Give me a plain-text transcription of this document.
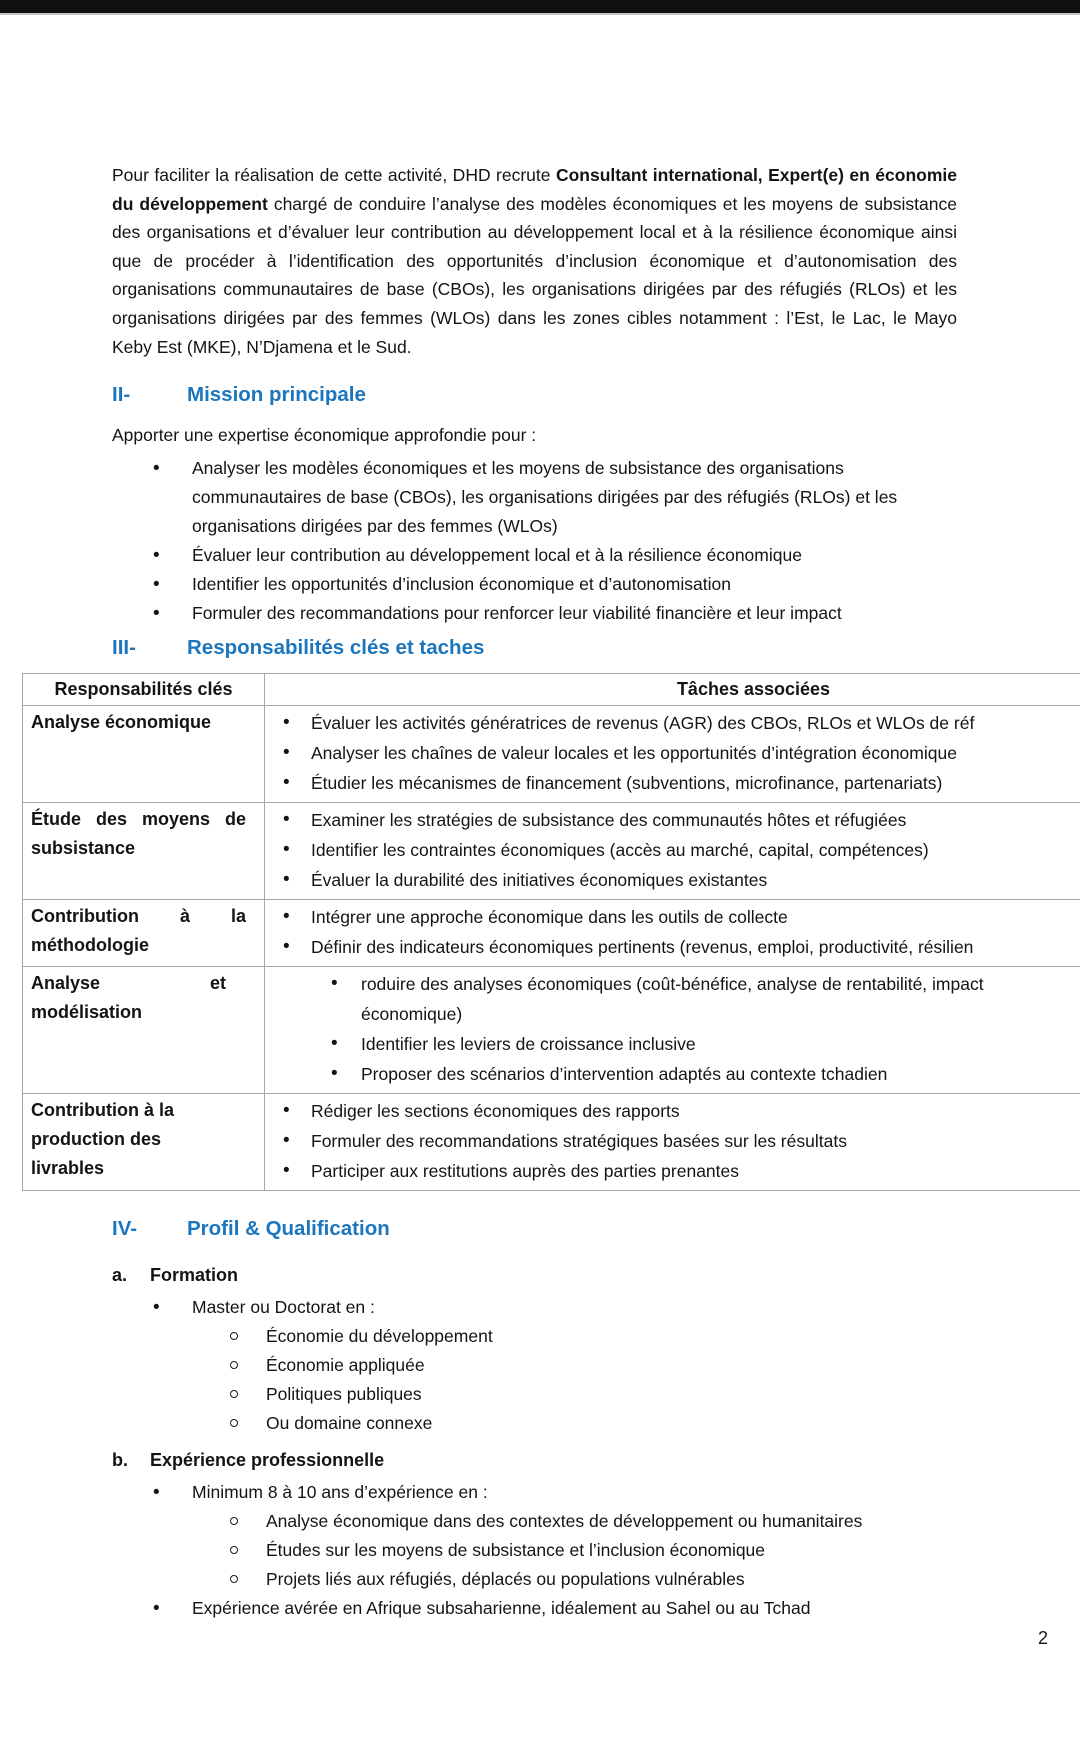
Pour faciliter la réalisation de cette activité, DHD recrute Consultant international, Expert(e) en économie du développement chargé de conduire l’analyse des modèles économiques et les moyens de subsistance des organisations et d’évaluer leur contribution au développement local et à la résilience économique ainsi que de procéder à l’identification des opportunités d’inclusion économique et d’autonomisation des organisations communautaires de base (CBOs), les organisations dirigées par des réfugiés (RLOs) et les organisations dirigées par des femmes (WLOs) dans les zones cibles notamment : l’Est, le Lac, le Mayo Keby Est (MKE), N’Djamena et le Sud.

II-	Mission principale
Apporter une expertise économique approfondie pour :
• Analyser les modèles économiques et les moyens de subsistance des organisations communautaires de base (CBOs), les organisations dirigées par des réfugiés (RLOs) et les organisations dirigées par des femmes (WLOs)
• Évaluer leur contribution au développement local et à la résilience économique
• Identifier les opportunités d’inclusion économique et d’autonomisation
• Formuler des recommandations pour renforcer leur viabilité financière et leur impact
III-	Responsabilités clés et taches
Responsabilités clés	Tâches associées

Analyse économique

•Évaluer les activités génératrices de revenus (AGR) des CBOs, RLOs et WLOs de réf
• Analyser les chaînes de valeur locales et les opportunités d’intégration économique
• Étudier les mécanismes de financement (subventions, microfinance, partenariats)

Étude des moyens de subsistance

• Examiner les stratégies de subsistance des communautés hôtes et réfugiées
• Identifier les contraintes économiques (accès au marché, capital, compétences)
• Évaluer la durabilité des initiatives économiques existantes

Contribution à la méthodologie

• Intégrer une approche économique dans les outils de collecte
• Définir des indicateurs économiques pertinents (revenus, emploi, productivité, résilien

Analyse et modélisation

• roduire des analyses économiques (coût-bénéfice, analyse de rentabilité, impact économique)
• Identifier les leviers de croissance inclusive
• Proposer des scénarios d’intervention adaptés au contexte tchadien

Contribution à la production des livrables

• Rédiger les sections économiques des rapports
• Formuler des recommandations stratégiques basées sur les résultats
• Participer aux restitutions auprès des parties prenantes
IV-	Profil & Qualification
a.	Formation
• Master ou Doctorat en :
Économie du développement
Économie appliquée
Politiques publiques
Ou domaine connexe
b.	Expérience professionnelle
• Minimum 8 à 10 ans d’expérience en :
Analyse économique dans des contextes de développement ou humanitaires
Études sur les moyens de subsistance et l’inclusion économique
Projets liés aux réfugiés, déplacés ou populations vulnérables
• Expérience avérée en Afrique subsaharienne, idéalement au Sahel ou au Tchad
2
